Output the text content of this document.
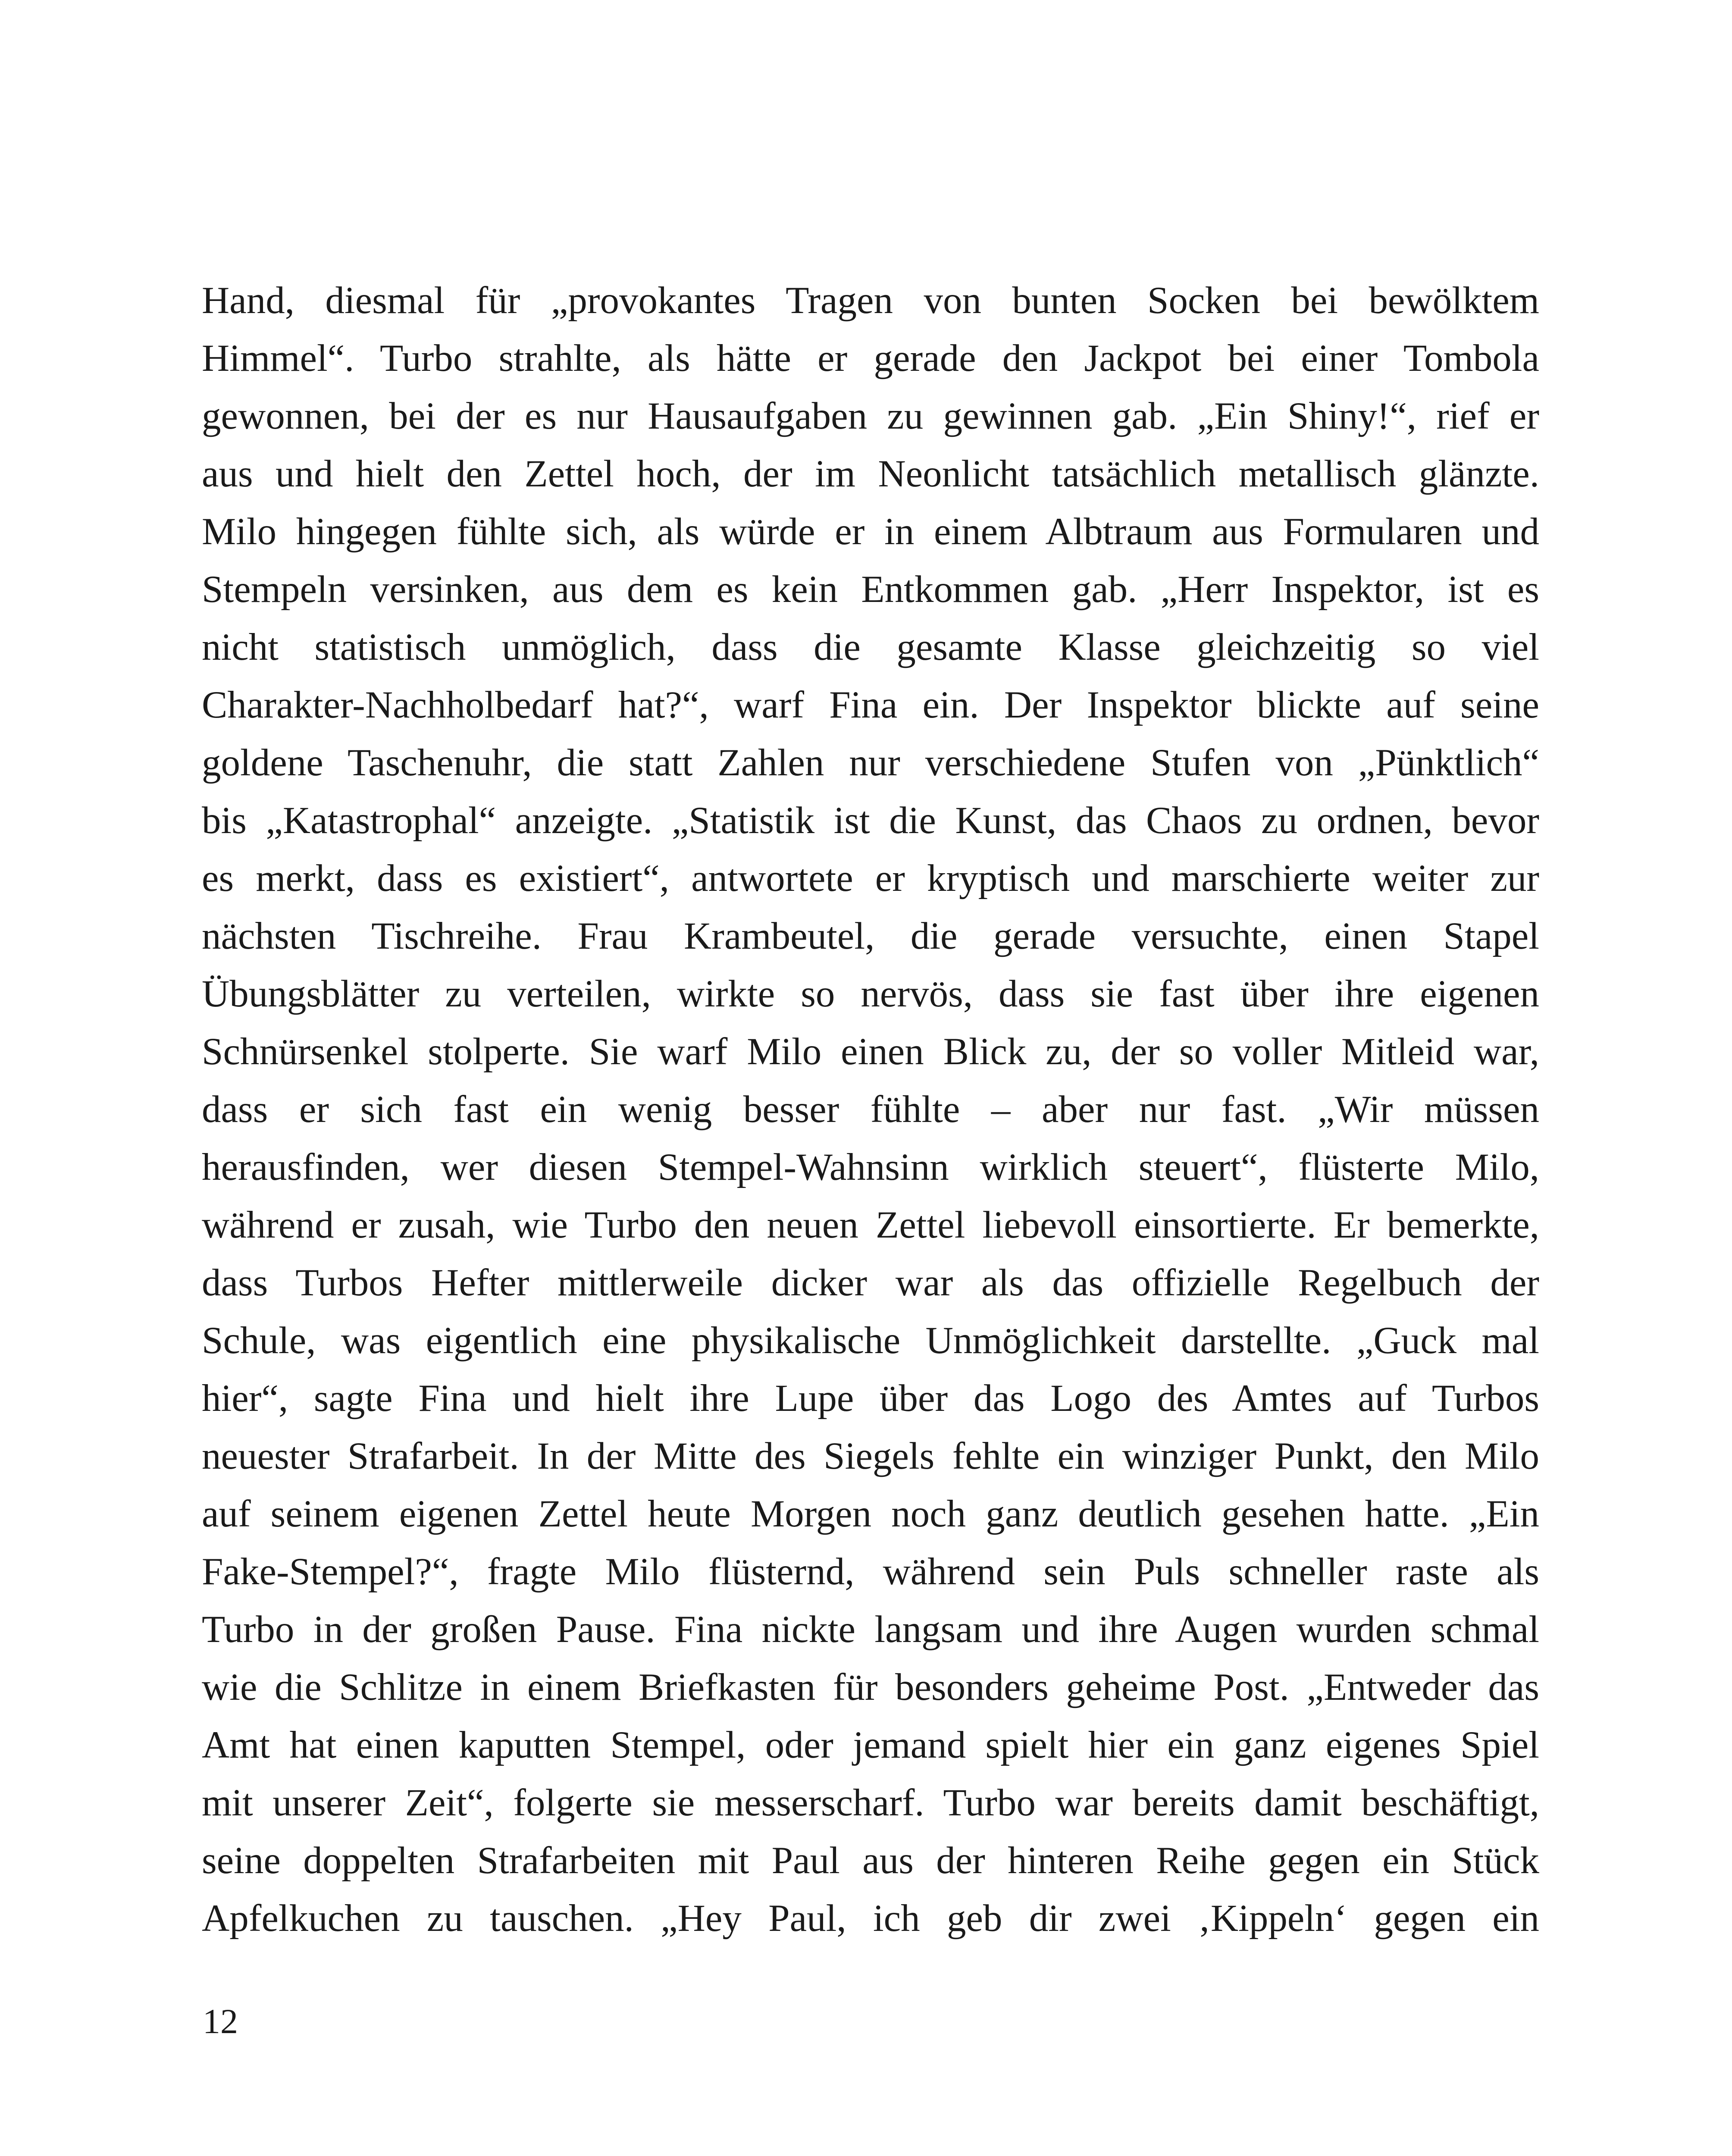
Hand, diesmal für „provokantes Tragen von bunten Socken bei bewölktem
Himmel“. Turbo strahlte, als hätte er gerade den Jackpot bei einer Tombola
gewonnen, bei der es nur Hausaufgaben zu gewinnen gab. „Ein Shiny!“, rief er
aus und hielt den Zettel hoch, der im Neonlicht tatsächlich metallisch glänzte.
Milo hingegen fühlte sich, als würde er in einem Albtraum aus Formularen und
Stempeln versinken, aus dem es kein Entkommen gab. „Herr Inspektor, ist es
nicht statistisch unmöglich, dass die gesamte Klasse gleichzeitig so viel
Charakter-Nachholbedarf hat?“, warf Fina ein. Der Inspektor blickte auf seine
goldene Taschenuhr, die statt Zahlen nur verschiedene Stufen von „Pünktlich“
bis „Katastrophal“ anzeigte. „Statistik ist die Kunst, das Chaos zu ordnen, bevor
es merkt, dass es existiert“, antwortete er kryptisch und marschierte weiter zur
nächsten Tischreihe. Frau Krambeutel, die gerade versuchte, einen Stapel
Übungsblätter zu verteilen, wirkte so nervös, dass sie fast über ihre eigenen
Schnürsenkel stolperte. Sie warf Milo einen Blick zu, der so voller Mitleid war,
dass er sich fast ein wenig besser fühlte – aber nur fast. „Wir müssen
herausfinden, wer diesen Stempel-Wahnsinn wirklich steuert“, flüsterte Milo,
während er zusah, wie Turbo den neuen Zettel liebevoll einsortierte. Er bemerkte,
dass Turbos Hefter mittlerweile dicker war als das offizielle Regelbuch der
Schule, was eigentlich eine physikalische Unmöglichkeit darstellte. „Guck mal
hier“, sagte Fina und hielt ihre Lupe über das Logo des Amtes auf Turbos
neuester Strafarbeit. In der Mitte des Siegels fehlte ein winziger Punkt, den Milo
auf seinem eigenen Zettel heute Morgen noch ganz deutlich gesehen hatte. „Ein
Fake-Stempel?“, fragte Milo flüsternd, während sein Puls schneller raste als
Turbo in der großen Pause. Fina nickte langsam und ihre Augen wurden schmal
wie die Schlitze in einem Briefkasten für besonders geheime Post. „Entweder das
Amt hat einen kaputten Stempel, oder jemand spielt hier ein ganz eigenes Spiel
mit unserer Zeit“, folgerte sie messerscharf. Turbo war bereits damit beschäftigt,
seine doppelten Strafarbeiten mit Paul aus der hinteren Reihe gegen ein Stück
Apfelkuchen zu tauschen. „Hey Paul, ich geb dir zwei ‚Kippeln‘ gegen ein
12
